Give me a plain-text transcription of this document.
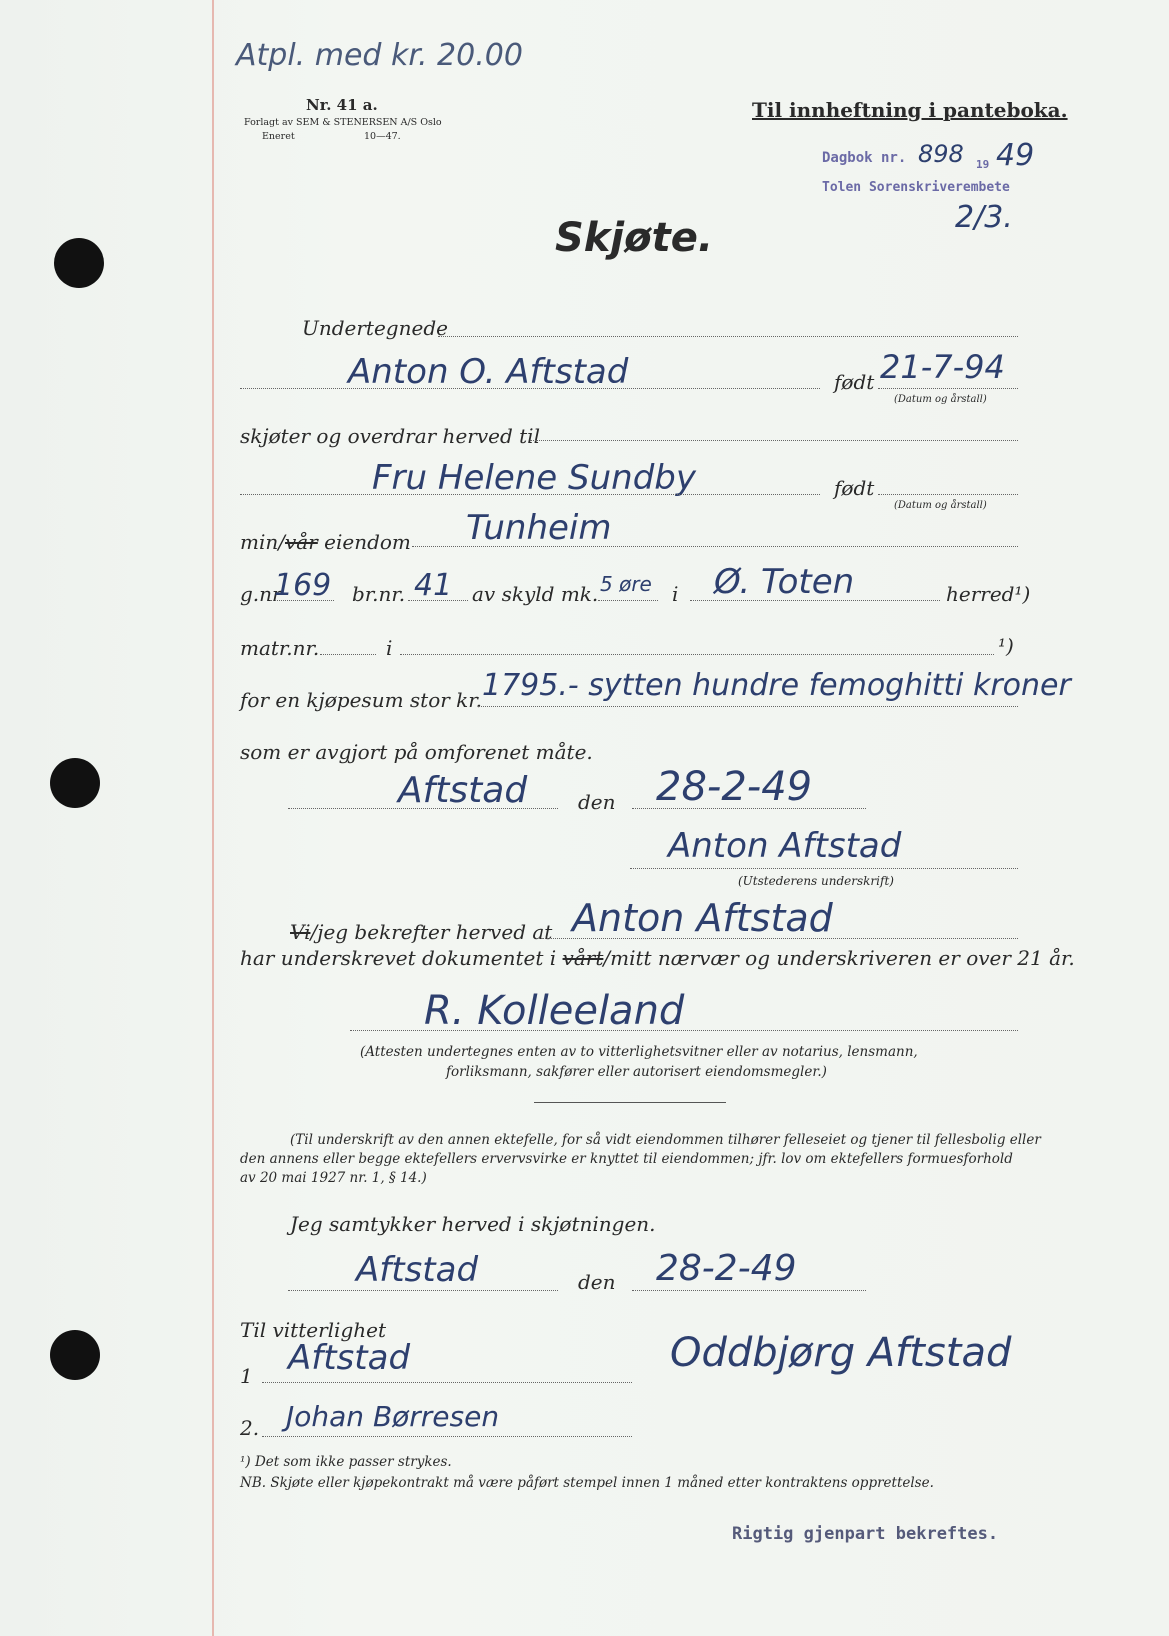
Atpl. med kr. 20.00
Nr. 41 a.
Forlagt av SEM & STENERSEN A/S Oslo
Eneret	10—47.
Til innheftning i panteboka.
Dagbok nr. 898 19 49
Tolen Sorenskriverembete
2/3.
Skjøte.
Undertegnede
Anton O. Aftstad	født 21-7-94
(Datum og årstall)
skjøter og overdrar herved til
Fru Helene Sundby	født
(Datum og årstall)
min/vår eiendom Tunheim
g.nr
169 br.nr. 41 av skyld mk. 5 øre i Ø. Toten	herred¹)
matr.nr.	i	¹)
for en kjøpesum stor kr. 1795.- sytten hundre femoghitti kroner
som er avgjort på omforenet måte.
Aftstad	den 28-2-49
Anton Aftstad
(Utstederens underskrift)
Vi/jeg bekrefter herved at Anton Aftstad
har underskrevet dokumentet i vårt/mitt nærvær og underskriveren er over 21 år.
R. Kolleeland
(Attesten undertegnes enten av to vitterlighetsvitner eller av notarius, lensmann,
forliksmann, sakfører eller autorisert eiendomsmegler.)
(Til underskrift av den annen ektefelle, for så vidt eiendommen tilhører felleseiet og tjener til fellesbolig eller
den annens eller begge ektefellers ervervsvirke er knyttet til eiendommen; jfr. lov om ektefellers formuesforhold
av 20 mai 1927 nr. 1, § 14.)
Jeg samtykker herved i skjøtningen.
Aftstad	den 28-2-49
Til vitterlighet
1 Aftstad	Oddbjørg Aftstad
2. Johan Børresen
¹) Det som ikke passer strykes.
NB. Skjøte eller kjøpekontrakt må være påført stempel innen 1 måned etter kontraktens opprettelse.
Rigtig gjenpart bekreftes.
